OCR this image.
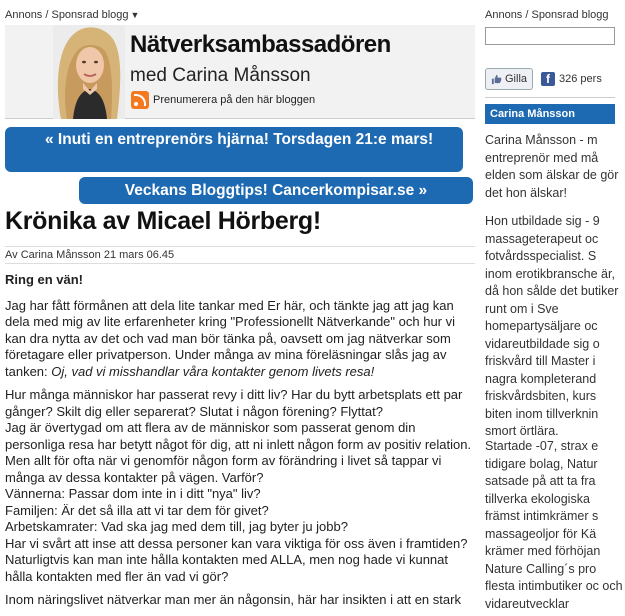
Annons / Sponsrad blogg ▼
Nätverksambassadören
med Carina Månsson
Prenumerera på den här bloggen
« Inuti en entreprenörs hjärna! Torsdagen 21:e mars!
Veckans Bloggtips! Cancerkompisar.se »
Krönika av Micael Hörberg!
Av Carina Månsson 21 mars 06.45

Ring en vän!

Jag har fått förmånen att dela lite tankar med Er här, och tänkte jag att jag kan dela med mig av lite erfarenheter kring "Professionellt Nätverkande" och hur vi kan dra nytta av det och vad man bör tänka på, oavsett om jag nätverkar som företagare eller privatperson. Under många av mina föreläsningar slås jag av tanken: Oj, vad vi misshandlar våra kontakter genom livets resa!

Hur många människor har passerat revy i ditt liv? Har du bytt arbetsplats ett par gånger? Skilt dig eller separerat? Slutat i någon förening? Flyttat?
Jag är övertygad om att flera av de människor som passerat genom din personliga resa har betytt något för dig, att ni inlett någon form av positiv relation. Men allt för ofta när vi genomför någon form av förändring i livet så tappar vi många av dessa kontakter på vägen. Varför?
Vännerna: Passar dom inte in i ditt "nya" liv?
Familjen: Är det så illa att vi tar dem för givet?
Arbetskamrater: Vad ska jag med dem till, jag byter ju jobb?
Har vi svårt att inse att dessa personer kan vara viktiga för oss även i framtiden? Naturligtvis kan man inte hålla kontakten med ALLA, men nog hade vi kunnat hålla kontakten med fler än vad vi gör?

Inom näringslivet nätverkar man mer än någonsin, här har insikten i att en stark

Annons / Sponsrad blogg
Gilla	f 326 pers
Carina Månsson
Carina Månsson - m entreprenör med må elden som älskar de gör det hon älskar!
Hon utbildade sig - 9 massageterapeut oc fotvårdsspecialist. S inom erotikbransche är, då hon sålde det butiker runt om i Sve homepartysäljare oc vidareutbildade sig o friskvård till Master i nagra kompleterand friskvårdsbiten, kurs biten inom tillverknin smort örtlära.
Startade -07, strax e tidigare bolag, Natur satsade på att ta fra tillverka ekologiska främst intimkrämer s massageoljor för Kä krämer med förhöjan Nature Calling´s pro flesta intimbutiker oc och vidareutvecklar
